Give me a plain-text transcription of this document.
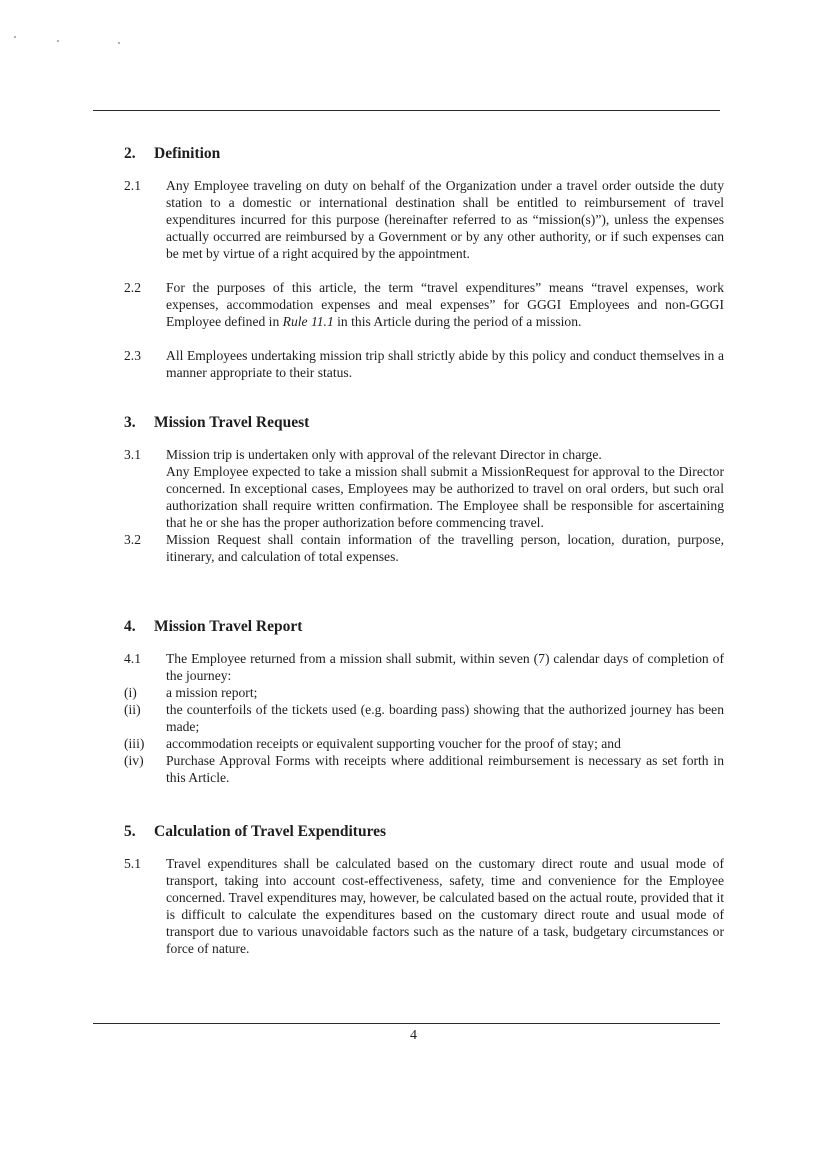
2.	Definition
2.1 Any Employee traveling on duty on behalf of the Organization under a travel order outside the duty station to a domestic or international destination shall be entitled to reimbursement of travel expenditures incurred for this purpose (hereinafter referred to as “mission(s)”), unless the expenses actually occurred are reimbursed by a Government or by any other authority, or if such expenses can be met by virtue of a right acquired by the appointment.
2.2 For the purposes of this article, the term “travel expenditures” means “travel expenses, work expenses, accommodation expenses and meal expenses” for GGGI Employees and non-GGGI Employee defined in Rule 11.1 in this Article during the period of a mission.
2.3 All Employees undertaking mission trip shall strictly abide by this policy and conduct themselves in a manner appropriate to their status.
3.	Mission Travel Request
3.1 Mission trip is undertaken only with approval of the relevant Director in charge.
Any Employee expected to take a mission shall submit a MissionRequest for approval to the Director concerned. In exceptional cases, Employees may be authorized to travel on oral orders, but such oral authorization shall require written confirmation. The Employee shall be responsible for ascertaining that he or she has the proper authorization before commencing travel.
3.2 Mission Request shall contain information of the travelling person, location, duration, purpose, itinerary, and calculation of total expenses.
4.	Mission Travel Report
4.1 The Employee returned from a mission shall submit, within seven (7) calendar days of completion of the journey:
(i) a mission report;
(ii) the counterfoils of the tickets used (e.g. boarding pass) showing that the authorized journey has been made;
(iii) accommodation receipts or equivalent supporting voucher for the proof of stay; and
(iv) Purchase Approval Forms with receipts where additional reimbursement is necessary as set forth in this Article.
5.	Calculation of Travel Expenditures
5.1 Travel expenditures shall be calculated based on the customary direct route and usual mode of transport, taking into account cost-effectiveness, safety, time and convenience for the Employee concerned. Travel expenditures may, however, be calculated based on the actual route, provided that it is difficult to calculate the expenditures based on the customary direct route and usual mode of transport due to various unavoidable factors such as the nature of a task, budgetary circumstances or force of nature.
4
